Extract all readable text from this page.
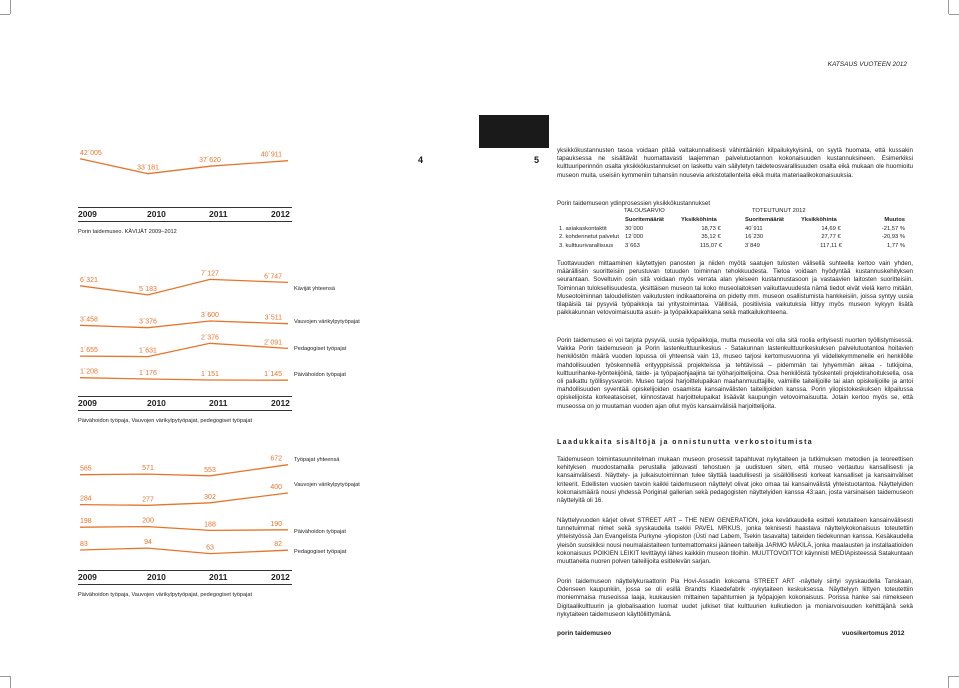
KATSAUS VUOTEEN 2012
4	5
42´005
33´181
37´620
40´911
2009	2010	2011	2012
Porin taidemuseo. KÄVIJÄT 2009–2012
6´321
5´183
7´127	6´747
3´458	3´376
3´600	3´511
1´655	1´631
2´376
2´091
1´208	1´176	1´151	1´145
Kävijät yhteensä
Vauvojen värikylpytyöpajat
Pedagogiset työpajat
Päivähoidon työpajat
2009	2010	2011	2012
Päivähoidon työpaja, Vauvojen värikylpytyöpajat, pedegogiset työpajat
565	571	553
672
284	277	302
400
198	200
188	190
83	94
63	82
Työpajat yhteensä
Vauvojen värikylpytyöpajat
Päivähoidon työpajat
Pedagogiset työpajat
2009	2010	2011	2012
Päivähoidon työpaja, Vauvojen värikylpytyöpajat, pedegogiset työpajat

yksikkökustannusten tasoa voidaan pitää valtakunnallisesti vähintäänkin kilpailukykyisinä, on syytä huomata, että kussakin tapauksessa ne sisältävät huomattavasti laajemman palvelutuotannon kokonaisuuden kustannuksineen. Esimerkiksi kulttuuriperinnön osalta yksikkökustannukset on laskettu vain säilytetyn taideteosvarallisuuden osalta eikä mukaan ole huomioitu museon muita, useisiin kymmeniin tuhansiin nousevia arkistotallenteita eikä muita materiaalikokonaisuuksia.

Porin taidemuseon ydinprosessien yksikkökustannukset
TALOUSARVIO	TOTEUTUNUT 2012
	Suoritemäärät	Yksikköhinta	Suoritemäärät	Yksikköhinta	Muutos
1. asiakaskontaktit	30´000	18,73 €	40´911	14,69 €	-21,57 %
2. kohdennetut palvelut	12´000	35,12 €	16´230	27,77 €	-20,93 %
3. kulttuurivarallisuus	3´663	115,07 €	3´849	117,11 €	1,77 %

Tuottavuuden mittaaminen käytettyjen panosten ja niiden myötä saatujen tulosten välisellä suhteella kertoo vain yhden, määrällisiin suoritteisiin perustuvan totuuden toiminnan tehokkuudesta. Tietoa voidaan hyödyntää kustannuskehityksen seurantaan. Soveltuvin osin sitä voidaan myös verrata alan yleiseen kustannustasoon ja vastaavien laitosten suoritteisiin. Toiminnan tuloksellisuudesta, yksittäisen museon tai koko museolaitoksen vaikuttavuudesta nämä tiedot eivät vielä kerro mitään. Museotoiminnan taloudellisten vaikutusten indikaattoreina on pidetty mm. museon osallistumista hankkeisiin, joissa syntyy uusia tilapäisiä tai pysyviä työpaikkoja tai yritystoimintaa. Välillisiä, positiivisia vaikutuksia liittyy myös museon kykyyn lisätä paikkakunnan vetovoimaisuutta asuin- ja työpaikkapaikkana sekä matkailukohteena.

Porin taidemuseo ei voi tarjota pysyviä, uusia työpaikkoja, mutta museolla voi olla sitä roolia erityisesti nuorten työllistymisessä. Vaikka Porin taidemuseon ja Porin lastenkulttuurikeskus - Satakunnan lastenkulttuurikeskuksen palvelutuotantoa hoitavien henkilöstön määrä vuoden lopussa oli yhteensä vain 13, museo tarjosi kertomusvuonna yli viidellekymmenelle eri henkilölle mahdollisuuden työskennellä erityyppisissä projekteissa ja tehtävissä – pidemmän tai lyhyemmän aikaa - tutkijoina, kulttuurihanke-työntekijöinä, taide- ja työpajaohjaajina tai työharjoittelijoina. Osa henkilöistä työskenteli projektirahoituksella, osa oli palkattu työllisyysvaroin. Museo tarjosi harjoittelupaikan maahanmuuttajille, valmiille taiteilijoille tai alan opiskelijoille ja antoi mahdollisuuden syventää opiskelijoiden osaamista kansainvälisten taiteilijoiden kanssa. Porin yliopistokeskuksen kilpailussa opiskelijoista korkeatasoiset, kiinnostavat harjoittelupaikat lisäävät kaupungin vetovoimaisuutta. Jotain kertoo myös se, että museossa on jo muutaman vuoden ajan ollut myös kansainvälisiä harjoittelijoita.

Laadukkaita sisältöjä ja onnistunutta verkostoitumista

Taidemuseon toimintasuunnitelman mukaan museon prosessit tapahtuvat nykytaiteen ja tutkimuksen metodien ja teoreettisen kehityksen muodostamalla perustalla jatkuvasti tehostuen ja uudistuen siten, että museo vertautuu kansallisesti ja kansainvälisesti. Näyttely- ja julkaisutoiminnan tulee täyttää laadullisesti ja sisällöllisesti korkeat kansalliset ja kansainväliset kriteerit. Edellisten vuosien tavoin kaikki taidemuseon näyttelyt olivat joko omaa tai kansainvälistä yhteistuotantoa. Näyttelyiden kokonaismäärä nousi yhdessä Poriginal gallerian sekä pedagogisten näyttelyiden kanssa 43:aan, josta varsinaisen taidemuseon näyttelyitä oli 16.

Näyttelyvuoden kärjet olivet STREET ART – THE NEW GENERATION, joka kevätkaudella esitteli ketutaiteen kansainvälisesti tunnetuimmat nimet sekä syyskaudella tsekki PAVEL MRKUS, jonka teknisesti haastava näyttelykokonaisuus toteutettiin yhteistyössä Jan Evangelista Purkyne -yliopiston (Ústí nad Labem, Tsekin tasavalta) taiteiden tiedekunnan kanssa. Kesäkaudella yleisön suosikiksi nousi neumalaistaiteen tuntemattomaksi jääneen taiteilija JARMO MÄKILÄ, jonka maalausten ja installaatioiden kokonaisuus POIKIEN LEIKIT levittäytyi lähes kaikkiin museon tiloihin. MUUTTOVOITTO! käynnisti MEDIApisteessä Satakuntaan muuttaneita nuoren polven taiteilijoita esittelevän sarjan.

Porin taidemuseon näyttelykuraattorin Pia Hovi-Assadin kokoama STREET ART -näyttely siirtyi syyskaudella Tanskaan, Odenseen kaupunkiin, jossa se oli esillä Brandts Klaedefabrik -nykytaiteen keskuksessa. Näyttelyyn liittyen toteutettiin moniemmaisa museoissa laaja, kuukausien mittainen tapahtumien ja työpajojen kokonaisuus. Porissa hanke sai nimekseen Digitaalikulttuurin ja globalisaation luomat uudet julkiset tilat kulttuurien kulkutiedon ja moniarvoisuuden kehittäjänä sekä nykytaiteen taidemuseon käyttöliittymänä.

porin taidemuseo	vuosikertomus 2012
